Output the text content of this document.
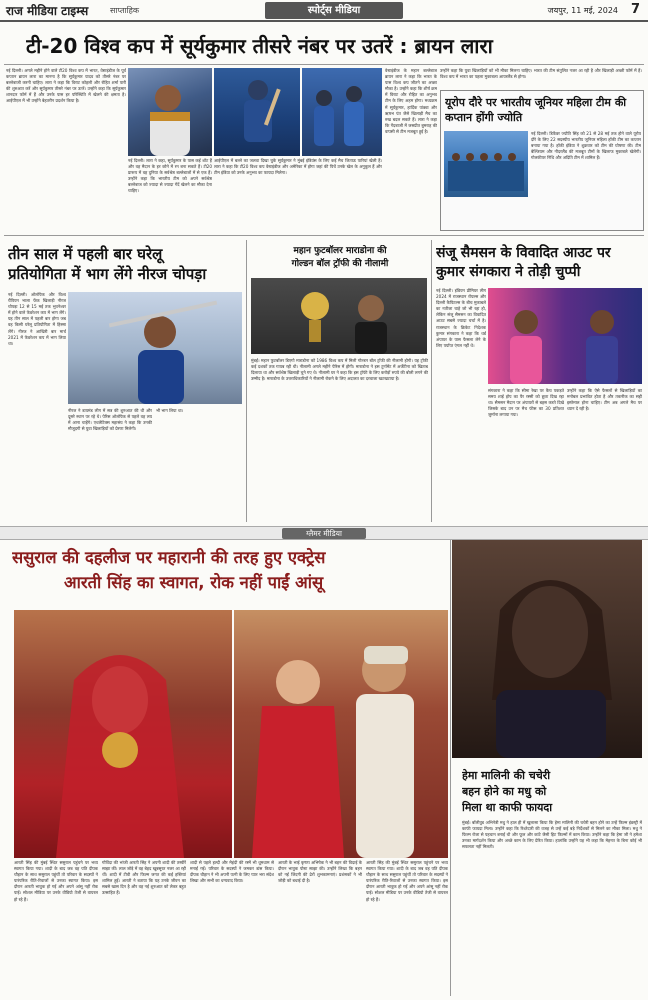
राज मीडिया टाइम्स	साप्ताहिक	स्पोर्ट्स मीडिया	जयपुर, 11 मई, 2024 7
टी-20 विश्व कप में सूर्यकुमार तीसरे नंबर पर उतरें : ब्रायन लारा
नई दिल्ली। अगले महीने होने वाले टी20 विश्व कप में भारत, वेस्टइंडीज के पूर्व कप्तान ब्रायन लारा का मानना है कि सूर्यकुमार यादव को तीसरे नंबर पर बल्लेबाजी करनी चाहिए। लारा ने कहा कि विराट कोहली और रोहित शर्मा पारी की शुरुआत करें और सूर्यकुमार तीसरे नंबर पर उतरें। उन्होंने कहा कि सूर्यकुमार शानदार फॉर्म में हैं और उनके पास हर परिस्थिति में खेलने की क्षमता है। आईपीएल में भी उन्होंने बेहतरीन प्रदर्शन किया है।
नई दिल्ली। लारा ने कहा, सूर्यकुमार के पास कई शॉट हैं और वह मैदान के हर कोने में रन बना सकते हैं। टी20 प्रारूप में वह दुनिया के सर्वश्रेष्ठ बल्लेबाजों में से एक हैं। उन्होंने कहा कि भारतीय टीम को अपने सर्वश्रेष्ठ बल्लेबाज को ज्यादा से ज्यादा गेंदें खेलने का मौका देना चाहिए।
आईपीएल में बल्ले का जलवा दिखा चुके सूर्यकुमार ने मुंबई इंडियंस के लिए कई मैच जिताऊ पारियां खेली हैं। लारा ने कहा कि टी20 विश्व कप वेस्टइंडीज और अमेरिका में होगा जहां की पिचें उनके खेल के अनुकूल हैं और टीम इंडिया को उनके अनुभव का फायदा मिलेगा।
वेस्टइंडीज के महान बल्लेबाज ब्रायन लारा ने कहा कि भारत के पास विश्व कप जीतने का अच्छा मौका है। उन्होंने कहा कि शीर्ष क्रम में विराट और रोहित का अनुभव टीम के लिए अहम होगा। मध्यक्रम में सूर्यकुमार, हार्दिक पांड्या और ऋषभ पंत जैसे खिलाड़ी मैच का रुख बदल सकते हैं। लारा ने कहा कि गेंदबाजी में जसप्रीत बुमराह की वापसी से टीम मजबूत हुई है।
उन्होंने कहा कि युवा खिलाड़ियों को भी मौका मिलना चाहिए। भारत की टीम संतुलित नजर आ रही है और खिलाड़ी अच्छी फॉर्म में हैं। विश्व कप में भारत का पहला मुकाबला आयरलैंड से होगा।
यूरोप दौरे पर भारतीय जूनियर महिला टीम की कप्तान होंगी ज्योति
नई दिल्ली। डिफेंडर ज्योति सिंह को 21 से 28 मई तक होने वाले यूरोप दौरे के लिए 22 सदस्यीय भारतीय जूनियर महिला हॉकी टीम का कप्तान बनाया गया है। हॉकी इंडिया ने शुक्रवार को टीम की घोषणा की। टीम बेल्जियम और नीदरलैंड की मजबूत टीमों के खिलाफ मुकाबले खेलेगी। गोलकीपर निधि और अदिति टीम में शामिल हैं।
तीन साल में पहली बार घरेलू
प्रतियोगिता में भाग लेंगे नीरज चोपड़ा
नई दिल्ली। ओलंपिक और विश्व चैंपियन भाला फेंक खिलाड़ी नीरज चोपड़ा 12 से 15 मई तक भुवनेश्वर में होने वाले फेडरेशन कप में भाग लेंगे। यह तीन साल में पहली बार होगा जब वह किसी घरेलू प्रतियोगिता में हिस्सा लेंगे। नीरज ने आखिरी बार मार्च 2021 में फेडरेशन कप में भाग लिया था।
नीरज ने डायमंड लीग में सत्र की शुरुआत की थी और दूसरे स्थान पर रहे थे। पेरिस ओलंपिक से पहले वह लय में आना चाहेंगे। एथलेटिक्स महासंघ ने कहा कि उनकी मौजूदगी से युवा खिलाड़ियों को प्रेरणा मिलेगी।
भी भाग लिया था।
महान फुटबॉलर माराडोना की
गोल्डन बॉल ट्रॉफी की नीलामी
मुंबई। महान फुटबॉलर डिएगो माराडोना को 1986 विश्व कप में मिली गोल्डन बॉल ट्रॉफी की नीलामी होगी। यह ट्रॉफी कई दशकों तक गायब रही थी। नीलामी अगले महीने पेरिस में होगी। माराडोना ने इस टूर्नामेंट में अर्जेंटीना को खिताब दिलाया था और सर्वश्रेष्ठ खिलाड़ी चुने गए थे। नीलामी घर ने कहा कि इस ट्रॉफी के लिए करोड़ों रुपये की बोली लगने की उम्मीद है। माराडोना के उत्तराधिकारियों ने नीलामी रोकने के लिए अदालत का दरवाजा खटखटाया है।
संजू सैमसन के विवादित आउट पर
कुमार संगकारा ने तोड़ी चुप्पी
नई दिल्ली। इंडियन प्रीमियर लीग 2024 में राजस्थान रॉयल्स और दिल्ली कैपिटल्स के बीच मुकाबले का नतीजा चाहे जो भी रहा हो, लेकिन संजू सैमसन का विवादित आउट सबसे ज्यादा चर्चा में है। राजस्थान के क्रिकेट निदेशक कुमार संगकारा ने कहा कि थर्ड अंपायर के पास फैसला लेने के लिए पर्याप्त एंगल नहीं थे।
संगकारा ने कहा कि सीमा रेखा पर कैच पकड़ते समय शाई होप का पैर रस्सी को छूता दिख रहा था। सैमसन मैदान पर अंपायरों से बहस करते दिखे जिसके बाद उन पर मैच फीस का 30 प्रतिशत जुर्माना लगाया गया।
उन्होंने कहा कि ऐसे फैसलों से खिलाड़ियों का मनोबल प्रभावित होता है और तकनीक का सही इस्तेमाल होना चाहिए। टीम अब अगले मैच पर ध्यान दे रही है।
ग्लैमर मीडिया
ससुराल की दहलीज पर महारानी की तरह हुए एक्ट्रेस
आरती सिंह का स्वागत, रोक नहीं पाईं आंसू
हेमा मालिनी की चचेरी
बहन होने का मधु को
मिला था काफी फायदा
मुंबई। बॉलीवुड अभिनेत्री मधु ने हाल ही में खुलासा किया कि हेमा मालिनी की चचेरी बहन होने का उन्हें फिल्म इंडस्ट्री में काफी फायदा मिला। उन्होंने कहा कि रिश्तेदारी की वजह से उन्हें कई बड़े निर्देशकों से मिलने का मौका मिला। मधु ने फिल्म रोजा से पहचान बनाई थी और फूल और कांटे जैसी हिट फिल्मों में काम किया। उन्होंने कहा कि हेमा जी ने हमेशा उनका मार्गदर्शन किया और अच्छे काम के लिए प्रेरित किया। हालांकि उन्होंने यह भी कहा कि मेहनत के बिना कोई भी सफलता नहीं मिलती।
आरती सिंह की मुंबई स्थित ससुराल पहुंचने पर भव्य स्वागत किया गया। शादी के बाद जब वह पति दीपक चौहान के साथ ससुराल पहुंचीं तो परिवार के सदस्यों ने पारंपरिक रीति-रिवाजों से उनका स्वागत किया। इस दौरान आरती भावुक हो गईं और अपने आंसू नहीं रोक पाईं। सोशल मीडिया पर उनके वीडियो तेजी से वायरल हो रहे हैं।
गोविंदा की भांजी आरती सिंह ने अपनी शादी की तस्वीरें साझा कीं। लाल जोड़े में वह बेहद खूबसूरत नजर आ रही थीं। शादी में टीवी और फिल्म जगत की कई हस्तियां शामिल हुईं। आरती ने बताया कि यह उनके जीवन का सबसे खास दिन है और वह नई शुरुआत को लेकर बहुत उत्साहित हैं।
शादी से पहले हल्दी और मेहंदी की रस्में भी धूमधाम से मनाई गईं। परिवार के सदस्यों ने जमकर डांस किया। दीपक चौहान ने भी अपनी पत्नी के लिए प्यार भरा संदेश लिखा और सभी का धन्यवाद किया।
आरती के भाई कृष्णा अभिषेक ने भी बहन की विदाई के दौरान भावुक पोस्ट साझा की। उन्होंने लिखा कि बहन को नई जिंदगी की ढेरों शुभकामनाएं। प्रशंसकों ने भी जोड़ी को बधाई दी है।
आरती सिंह की मुंबई स्थित ससुराल पहुंचने पर भव्य स्वागत किया गया। शादी के बाद जब वह पति दीपक चौहान के साथ ससुराल पहुंचीं तो परिवार के सदस्यों ने पारंपरिक रीति-रिवाजों से उनका स्वागत किया। इस दौरान आरती भावुक हो गईं और अपने आंसू नहीं रोक पाईं। सोशल मीडिया पर उनके वीडियो तेजी से वायरल हो रहे हैं।
